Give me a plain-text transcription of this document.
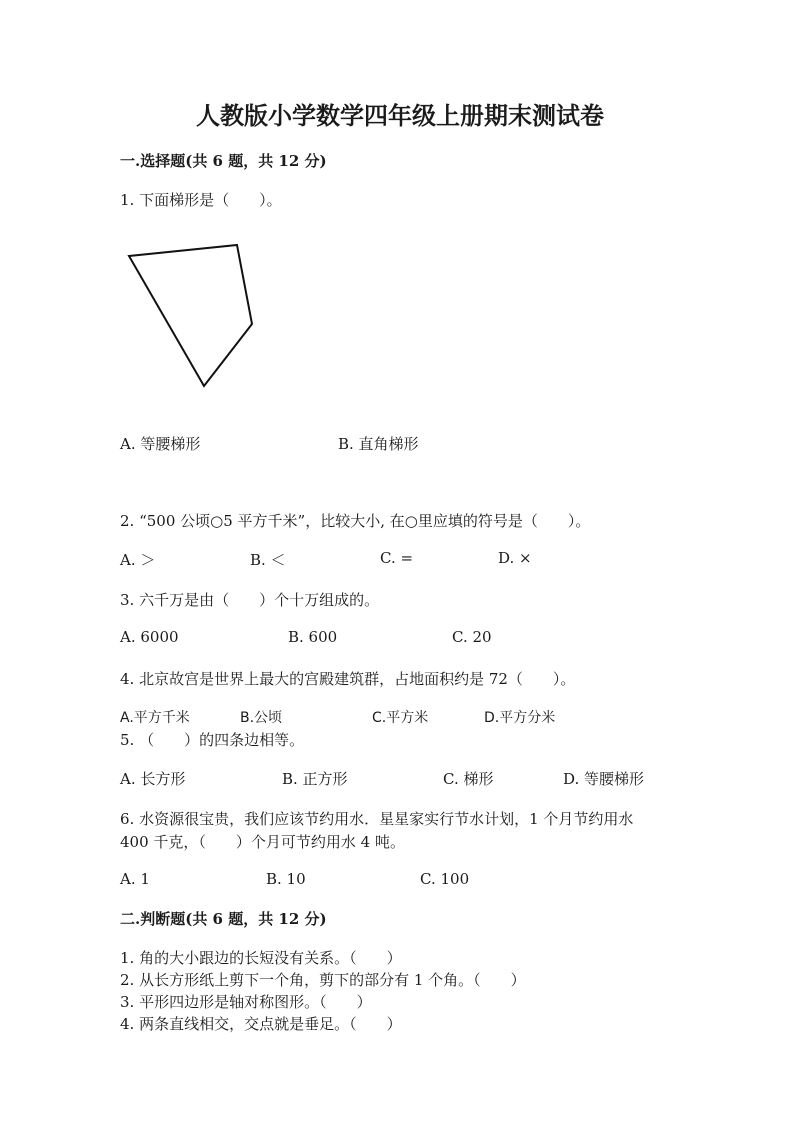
人教版小学数学四年级上册期末测试卷
一.选择题(共 6 题，共 12 分)
1. 下面梯形是（　　）。
A. 等腰梯形	B. 直角梯形
2. “500 公顷○5 平方千米”，比较大小, 在○里应填的符号是（　　）。
A. ＞	B. ＜	C. =	D. ×
3. 六千万是由（　　）个十万组成的。
A. 6000	B. 600	C. 20
4. 北京故宫是世界上最大的宫殿建筑群，占地面积约是 72（　　）。
A.平方千米	B.公顷	C.平方米	D.平方分米
5. （　　）的四条边相等。
A. 长方形	B. 正方形	C. 梯形	D. 等腰梯形
6. 水资源很宝贵，我们应该节约用水．星星家实行节水计划，1 个月节约用水
400 千克，（　　）个月可节约用水 4 吨。
A. 1	B. 10	C. 100
二.判断题(共 6 题，共 12 分)
1. 角的大小跟边的长短没有关系。（　　）
2. 从长方形纸上剪下一个角，剪下的部分有 1 个角。（　　）
3. 平形四边形是轴对称图形。（　　）
4. 两条直线相交，交点就是垂足。（　　）
